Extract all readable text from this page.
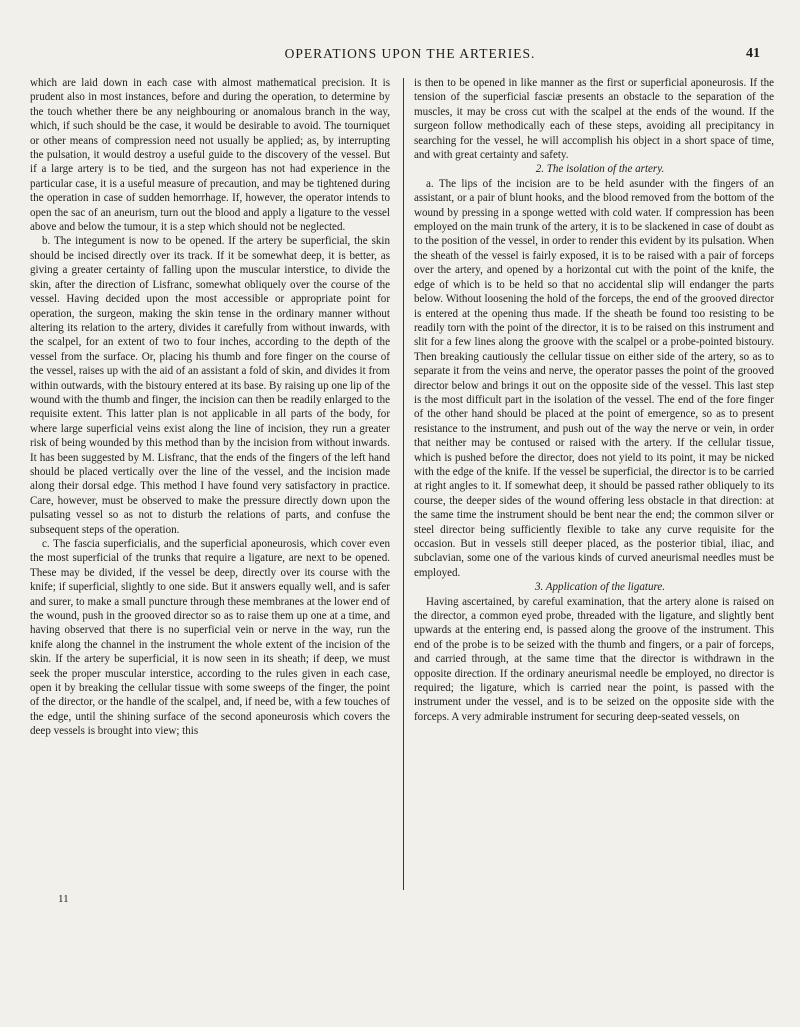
OPERATIONS UPON THE ARTERIES.	41

which are laid down in each case with almost mathematical precision. It is prudent also in most instances, before and during the operation, to determine by the touch whether there be any neighbouring or anomalous branch in the way, which, if such should be the case, it would be desirable to avoid. The tourniquet or other means of compression need not usually be applied; as, by interrupting the pulsation, it would destroy a useful guide to the discovery of the vessel. But if a large artery is to be tied, and the surgeon has not had experience in the particular case, it is a useful measure of precaution, and may be tightened during the operation in case of sudden hemorrhage. If, however, the operator intends to open the sac of an aneurism, turn out the blood and apply a ligature to the vessel above and below the tumour, it is a step which should not be neglected.

b. The integument is now to be opened. If the artery be superficial, the skin should be incised directly over its track. If it be somewhat deep, it is better, as giving a greater certainty of falling upon the muscular interstice, to divide the skin, after the direction of Lisfranc, somewhat obliquely over the course of the vessel. Having decided upon the most accessible or appropriate point for operation, the surgeon, making the skin tense in the ordinary manner without altering its relation to the artery, divides it carefully from without inwards, with the scalpel, for an extent of two to four inches, according to the depth of the vessel from the surface. Or, placing his thumb and fore finger on the course of the vessel, raises up with the aid of an assistant a fold of skin, and divides it from within outwards, with the bistoury entered at its base. By raising up one lip of the wound with the thumb and finger, the incision can then be readily enlarged to the requisite extent. This latter plan is not applicable in all parts of the body, for where large superficial veins exist along the line of incision, they run a greater risk of being wounded by this method than by the incision from without inwards. It has been suggested by M. Lisfranc, that the ends of the fingers of the left hand should be placed vertically over the line of the vessel, and the incision made along their dorsal edge. This method I have found very satisfactory in practice. Care, however, must be observed to make the pressure directly down upon the pulsating vessel so as not to disturb the relations of parts, and confuse the subsequent steps of the operation.

c. The fascia superficialis, and the superficial aponeurosis, which cover even the most superficial of the trunks that require a ligature, are next to be opened. These may be divided, if the vessel be deep, directly over its course with the knife; if superficial, slightly to one side. But it answers equally well, and is safer and surer, to make a small puncture through these membranes at the lower end of the wound, push in the grooved director so as to raise them up one at a time, and having observed that there is no superficial vein or nerve in the way, run the knife along the channel in the instrument the whole extent of the incision of the skin. If the artery be superficial, it is now seen in its sheath; if deep, we must seek the proper muscular interstice, according to the rules given in each case, open it by breaking the cellular tissue with some sweeps of the finger, the point of the director, or the handle of the scalpel, and, if need be, with a few touches of the edge, until the shining surface of the second aponeurosis which covers the deep vessels is brought into view; this

is then to be opened in like manner as the first or superficial aponeurosis. If the tension of the superficial fasciæ presents an obstacle to the separation of the muscles, it may be cross cut with the scalpel at the ends of the wound. If the surgeon follow methodically each of these steps, avoiding all precipitancy in searching for the vessel, he will accomplish his object in a short space of time, and with great certainty and safety.

2. The isolation of the artery.

a. The lips of the incision are to be held asunder with the fingers of an assistant, or a pair of blunt hooks, and the blood removed from the bottom of the wound by pressing in a sponge wetted with cold water. If compression has been employed on the main trunk of the artery, it is to be slackened in case of doubt as to the position of the vessel, in order to render this evident by its pulsation. When the sheath of the vessel is fairly exposed, it is to be raised with a pair of forceps over the artery, and opened by a horizontal cut with the point of the knife, the edge of which is to be held so that no accidental slip will endanger the parts below. Without loosening the hold of the forceps, the end of the grooved director is entered at the opening thus made. If the sheath be found too resisting to be readily torn with the point of the director, it is to be raised on this instrument and slit for a few lines along the groove with the scalpel or a probe-pointed bistoury. Then breaking cautiously the cellular tissue on either side of the artery, so as to separate it from the veins and nerve, the operator passes the point of the grooved director below and brings it out on the opposite side of the vessel. This last step is the most difficult part in the isolation of the vessel. The end of the fore finger of the other hand should be placed at the point of emergence, so as to present resistance to the instrument, and push out of the way the nerve or vein, in order that neither may be contused or raised with the artery. If the cellular tissue, which is pushed before the director, does not yield to its point, it may be nicked with the edge of the knife. If the vessel be superficial, the director is to be carried at right angles to it. If somewhat deep, it should be passed rather obliquely to its course, the deeper sides of the wound offering less obstacle in that direction: at the same time the instrument should be bent near the end; the common silver or steel director being sufficiently flexible to take any curve requisite for the occasion. But in vessels still deeper placed, as the posterior tibial, iliac, and subclavian, some one of the various kinds of curved aneurismal needles must be employed.

3. Application of the ligature.

Having ascertained, by careful examination, that the artery alone is raised on the director, a common eyed probe, threaded with the ligature, and slightly bent upwards at the entering end, is passed along the groove of the instrument. This end of the probe is to be seized with the thumb and fingers, or a pair of forceps, and carried through, at the same time that the director is withdrawn in the opposite direction. If the ordinary aneurismal needle be employed, no director is required; the ligature, which is carried near the point, is passed with the instrument under the vessel, and is to be seized on the opposite side with the forceps. A very admirable instrument for securing deep-seated vessels, on

11
